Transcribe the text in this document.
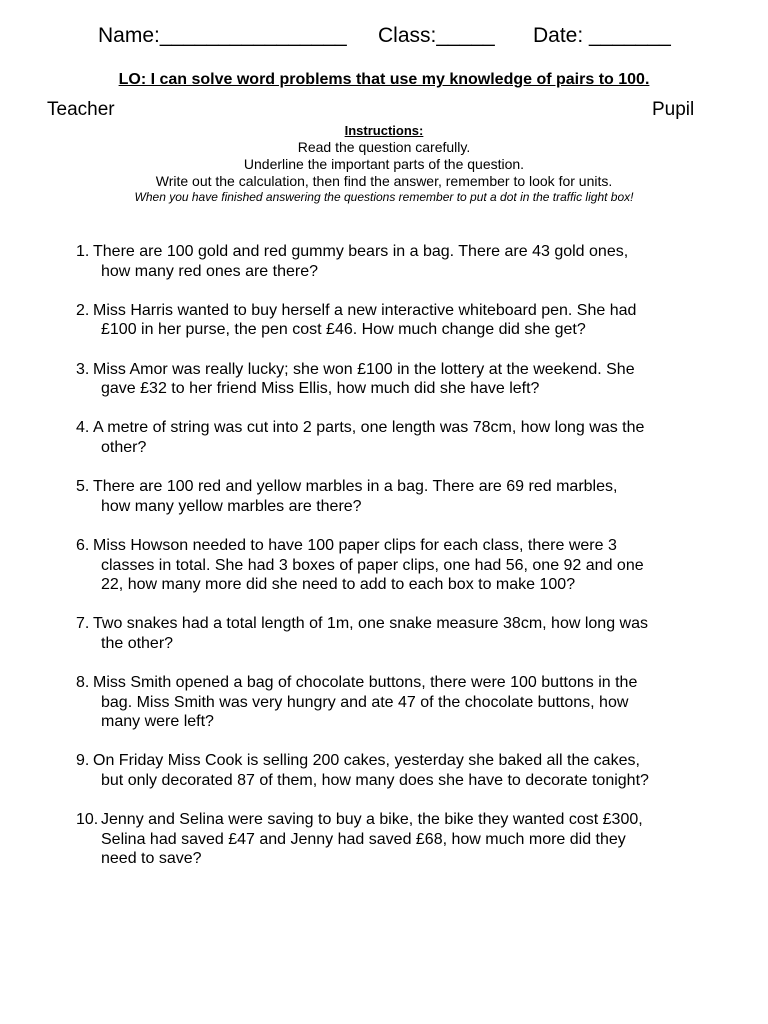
Name:________________ Class:_____ Date: _______
LO: I can solve word problems that use my knowledge of pairs to 100.
Teacher	Pupil
Instructions:
Read the question carefully.
Underline the important parts of the question.
Write out the calculation, then find the answer, remember to look for units.
When you have finished answering the questions remember to put a dot in the traffic light box!
1. There are 100 gold and red gummy bears in a bag. There are 43 gold ones,
how many red ones are there?
2. Miss Harris wanted to buy herself a new interactive whiteboard pen. She had
£100 in her purse, the pen cost £46. How much change did she get?
3. Miss Amor was really lucky; she won £100 in the lottery at the weekend. She
gave £32 to her friend Miss Ellis, how much did she have left?
4. A metre of string was cut into 2 parts, one length was 78cm, how long was the
other?
5. There are 100 red and yellow marbles in a bag. There are 69 red marbles,
how many yellow marbles are there?
6. Miss Howson needed to have 100 paper clips for each class, there were 3
classes in total. She had 3 boxes of paper clips, one had 56, one 92 and one
22, how many more did she need to add to each box to make 100?
7. Two snakes had a total length of 1m, one snake measure 38cm, how long was
the other?
8. Miss Smith opened a bag of chocolate buttons, there were 100 buttons in the
bag. Miss Smith was very hungry and ate 47 of the chocolate buttons, how
many were left?
9. On Friday Miss Cook is selling 200 cakes, yesterday she baked all the cakes,
but only decorated 87 of them, how many does she have to decorate tonight?
10. Jenny and Selina were saving to buy a bike, the bike they wanted cost £300,
Selina had saved £47 and Jenny had saved £68, how much more did they
need to save?
